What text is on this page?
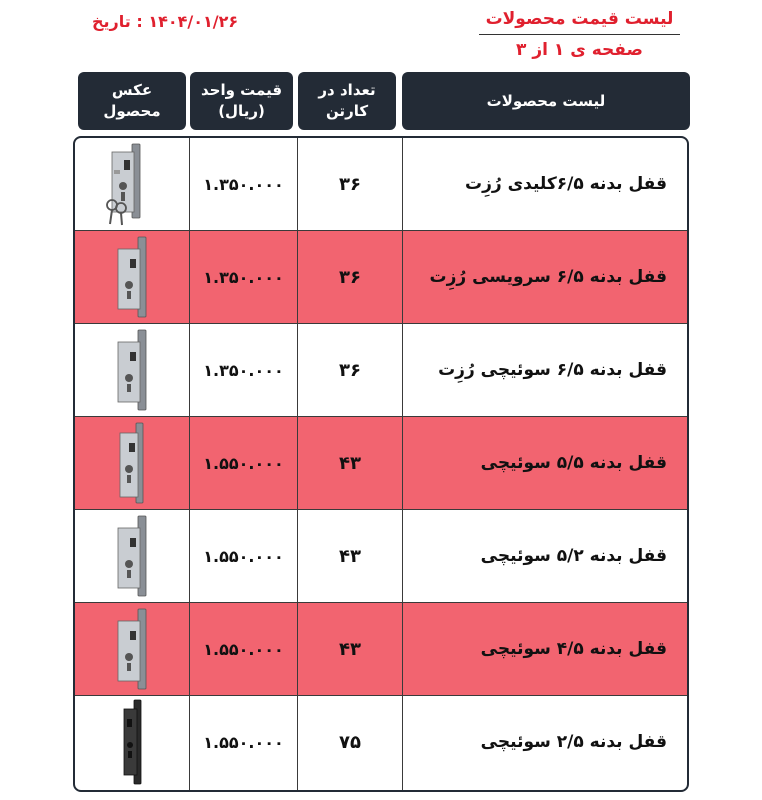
لیست قیمت محصولات
صفحه ی ۱ از ۳
۱۴۰۴/۰۱/۲۶ : تاریخ
لیست محصولات
تعداد در
کارتن
قیمت واحد
(ریال)
عکس
محصول
قفل بدنه ۶/۵کلیدی رُزِت
۳۶
۱.۳۵۰.۰۰۰
قفل بدنه ۶/۵ سرویسی رُزِت
۳۶
۱.۳۵۰.۰۰۰
قفل بدنه ۶/۵ سوئیچی رُزِت
۳۶
۱.۳۵۰.۰۰۰
قفل بدنه ۵/۵ سوئیچی
۴۳
۱.۵۵۰.۰۰۰
قفل بدنه ۵/۲ سوئیچی
۴۳
۱.۵۵۰.۰۰۰
قفل بدنه ۴/۵ سوئیچی
۴۳
۱.۵۵۰.۰۰۰
قفل بدنه ۲/۵ سوئیچی
۷۵
۱.۵۵۰.۰۰۰
